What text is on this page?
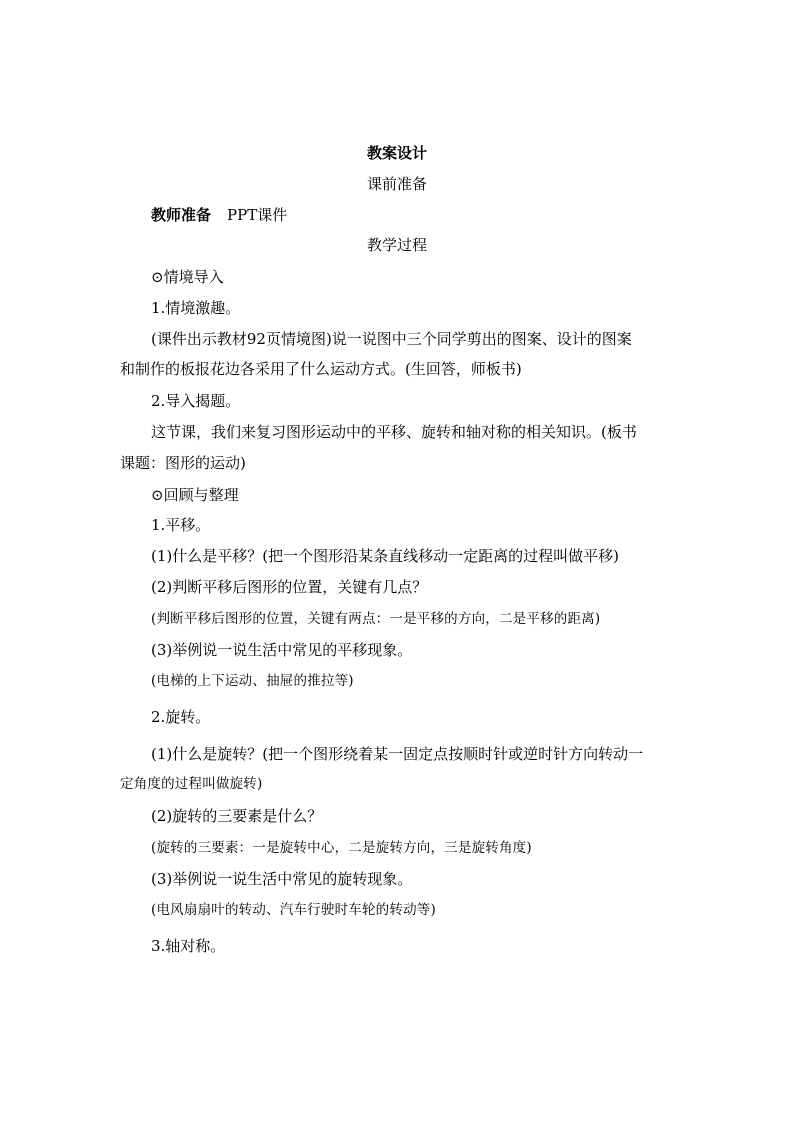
教案设计
课前准备
教师准备 PPT课件
教学过程
⊙情境导入
1.情境激趣。
(课件出示教材92页情境图)说一说图中三个同学剪出的图案、设计的图案
和制作的板报花边各采用了什么运动方式。(生回答，师板书)
2.导入揭题。
这节课，我们来复习图形运动中的平移、旋转和轴对称的相关知识。(板书
课题：图形的运动)
⊙回顾与整理
1.平移。
(1)什么是平移？(把一个图形沿某条直线移动一定距离的过程叫做平移)
(2)判断平移后图形的位置，关键有几点？
(判断平移后图形的位置，关键有两点：一是平移的方向，二是平移的距离)
(3)举例说一说生活中常见的平移现象。
(电梯的上下运动、抽屉的推拉等)
2.旋转。
(1)什么是旋转？(把一个图形绕着某一固定点按顺时针或逆时针方向转动一
定角度的过程叫做旋转)
(2)旋转的三要素是什么？
(旋转的三要素：一是旋转中心，二是旋转方向，三是旋转角度)
(3)举例说一说生活中常见的旋转现象。
(电风扇扇叶的转动、汽车行驶时车轮的转动等)
3.轴对称。
